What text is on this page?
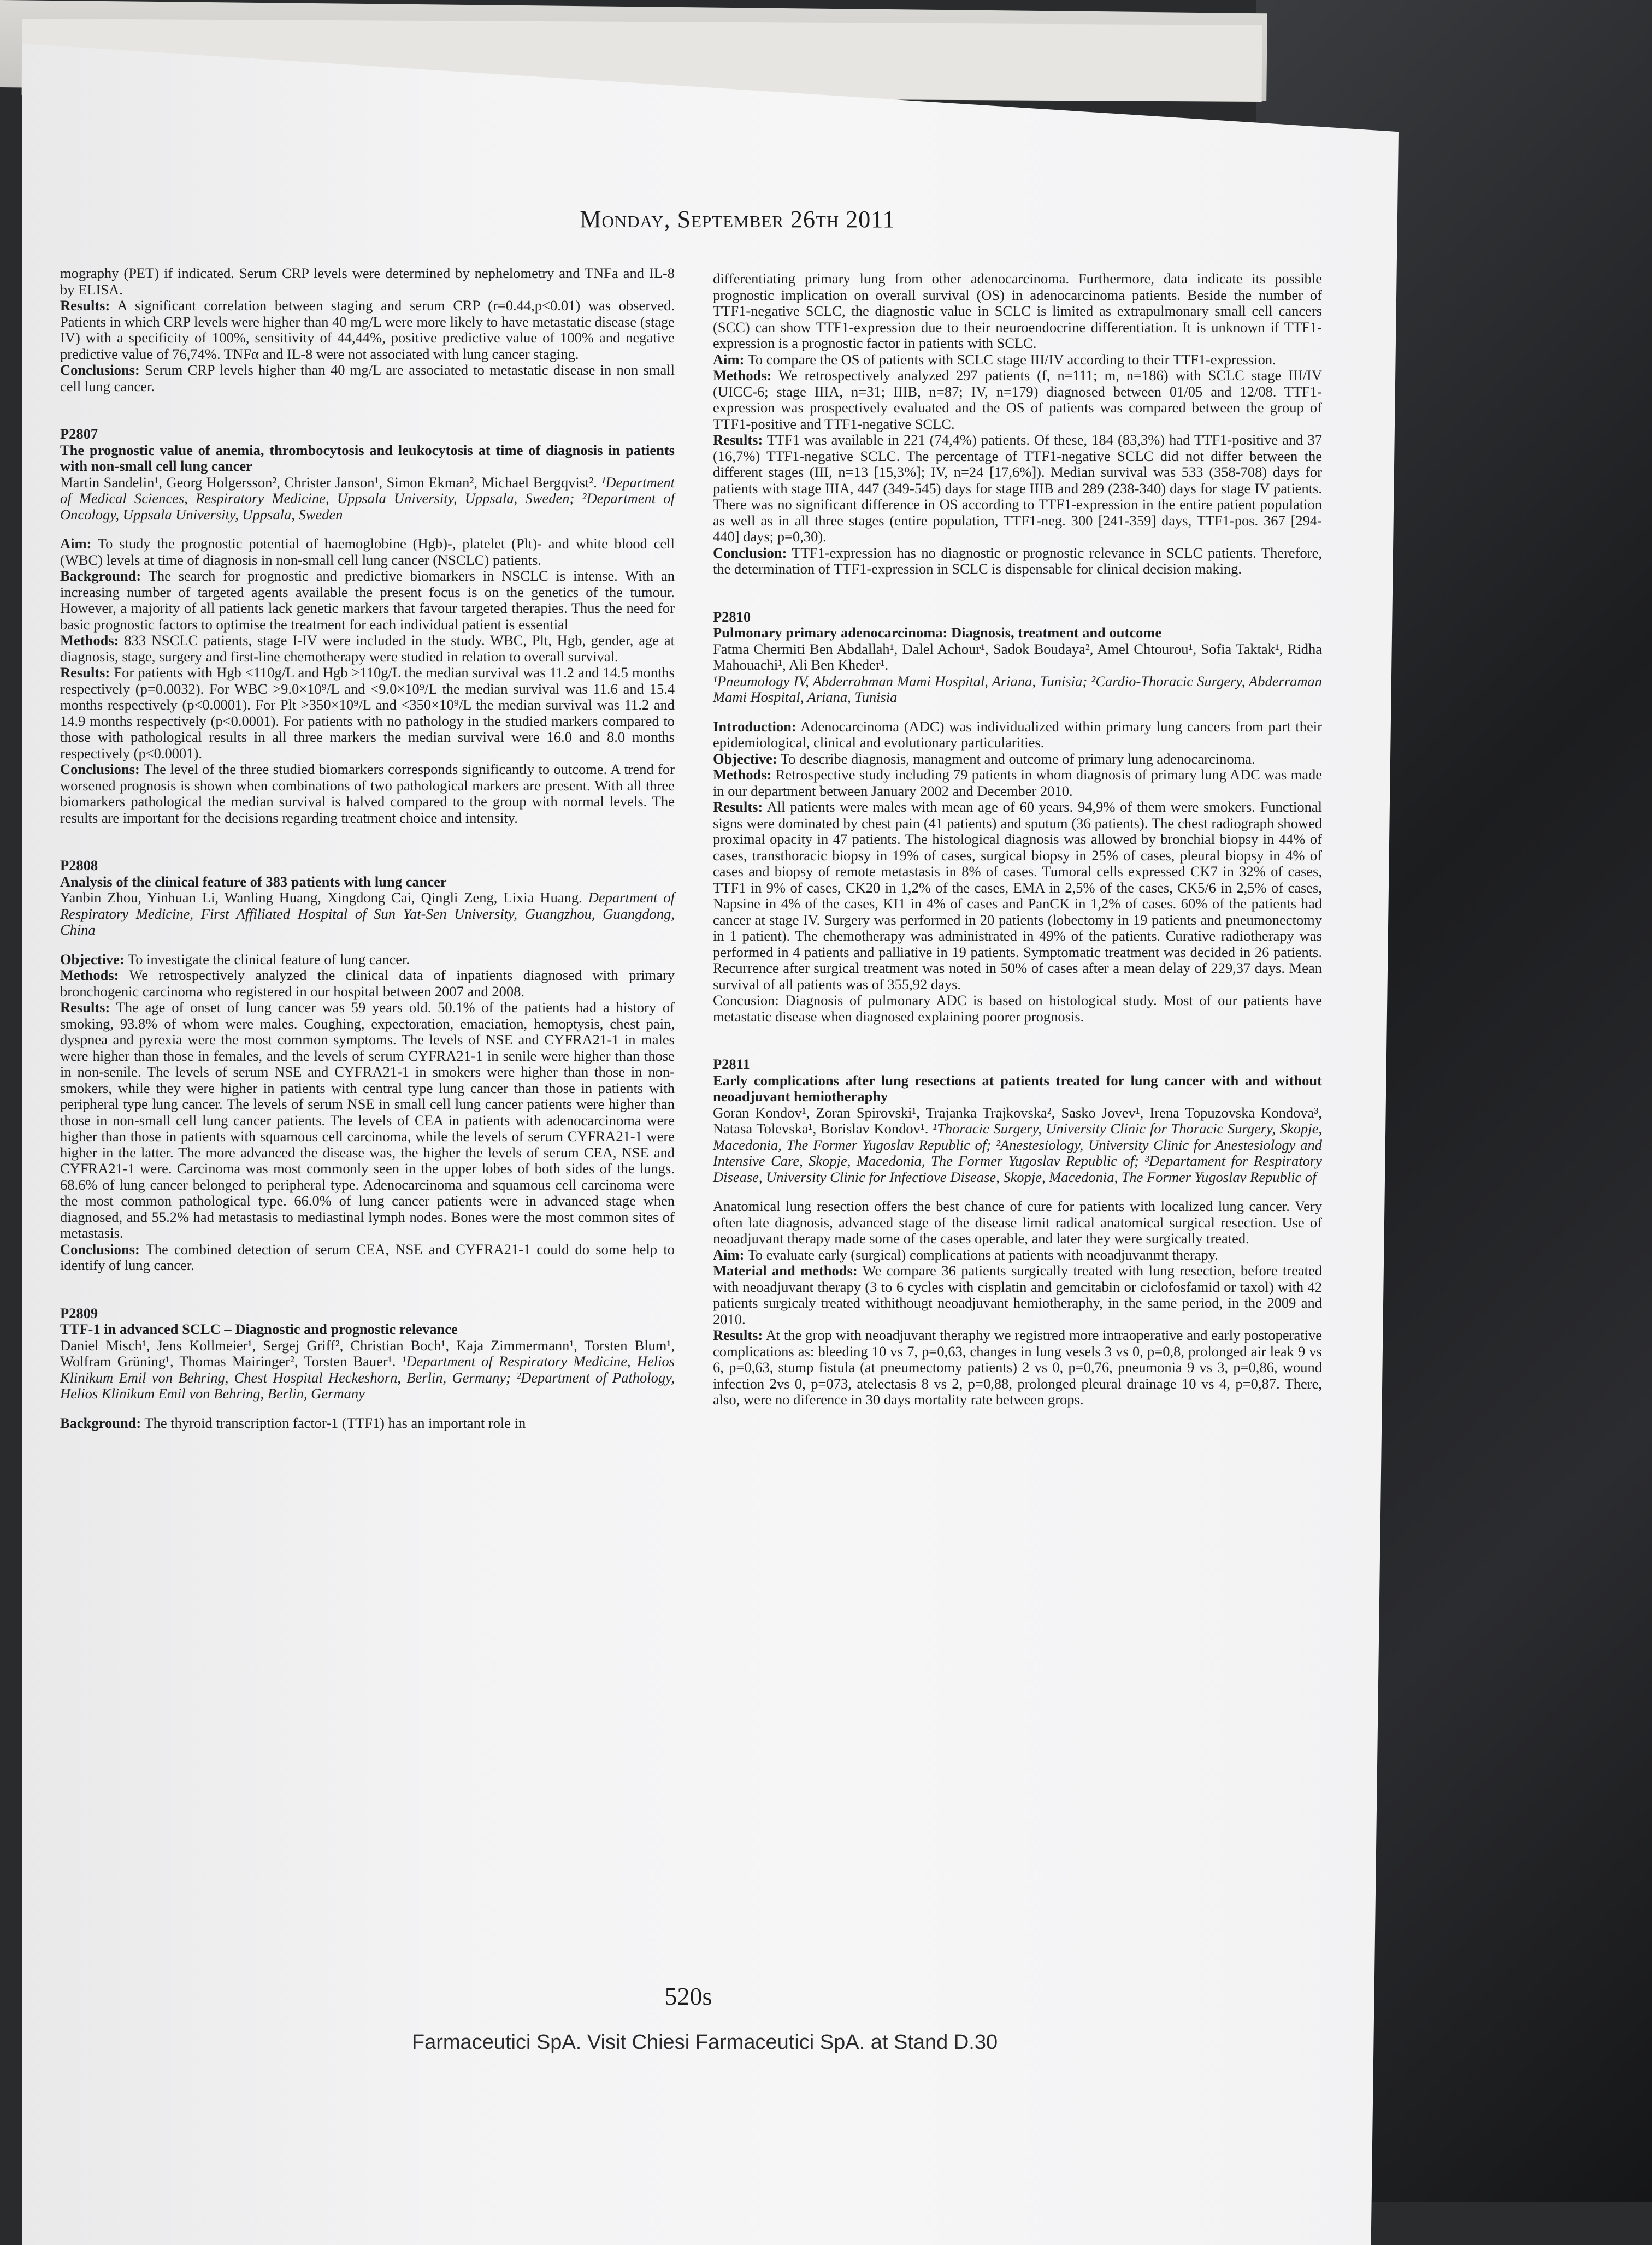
Monday, September 26th 2011

mography (PET) if indicated. Serum CRP levels were determined by nephelometry and TNFa and IL-8 by ELISA.

Results: A significant correlation between staging and serum CRP (r=0.44,p<0.01) was observed. Patients in which CRP levels were higher than 40 mg/L were more likely to have metastatic disease (stage IV) with a specificity of 100%, sensitivity of 44,44%, positive predictive value of 100% and negative predictive value of 76,74%. TNFα and IL-8 were not associated with lung cancer staging.

Conclusions: Serum CRP levels higher than 40 mg/L are associated to metastatic disease in non small cell lung cancer.

P2807

The prognostic value of anemia, thrombocytosis and leukocytosis at time of diagnosis in patients with non-small cell lung cancer

Martin Sandelin¹, Georg Holgersson², Christer Janson¹, Simon Ekman², Michael Bergqvist². ¹Department of Medical Sciences, Respiratory Medicine, Uppsala University, Uppsala, Sweden; ²Department of Oncology, Uppsala University, Uppsala, Sweden

Aim: To study the prognostic potential of haemoglobine (Hgb)-, platelet (Plt)- and white blood cell (WBC) levels at time of diagnosis in non-small cell lung cancer (NSCLC) patients.

Background: The search for prognostic and predictive biomarkers in NSCLC is intense. With an increasing number of targeted agents available the present focus is on the genetics of the tumour. However, a majority of all patients lack genetic markers that favour targeted therapies. Thus the need for basic prognostic factors to optimise the treatment for each individual patient is essential

Methods: 833 NSCLC patients, stage I-IV were included in the study. WBC, Plt, Hgb, gender, age at diagnosis, stage, surgery and first-line chemotherapy were studied in relation to overall survival.

Results: For patients with Hgb <110g/L and Hgb >110g/L the median survival was 11.2 and 14.5 months respectively (p=0.0032). For WBC >9.0×10⁹/L and <9.0×10⁹/L the median survival was 11.6 and 15.4 months respectively (p<0.0001). For Plt >350×10⁹/L and <350×10⁹/L the median survival was 11.2 and 14.9 months respectively (p<0.0001). For patients with no pathology in the studied markers compared to those with pathological results in all three markers the median survival were 16.0 and 8.0 months respectively (p<0.0001).

Conclusions: The level of the three studied biomarkers corresponds significantly to outcome. A trend for worsened prognosis is shown when combinations of two pathological markers are present. With all three biomarkers pathological the median survival is halved compared to the group with normal levels. The results are important for the decisions regarding treatment choice and intensity.

P2808

Analysis of the clinical feature of 383 patients with lung cancer

Yanbin Zhou, Yinhuan Li, Wanling Huang, Xingdong Cai, Qingli Zeng, Lixia Huang. Department of Respiratory Medicine, First Affiliated Hospital of Sun Yat-Sen University, Guangzhou, Guangdong, China

Objective: To investigate the clinical feature of lung cancer.

Methods: We retrospectively analyzed the clinical data of inpatients diagnosed with primary bronchogenic carcinoma who registered in our hospital between 2007 and 2008.

Results: The age of onset of lung cancer was 59 years old. 50.1% of the patients had a history of smoking, 93.8% of whom were males. Coughing, expectoration, emaciation, hemoptysis, chest pain, dyspnea and pyrexia were the most common symptoms. The levels of NSE and CYFRA21-1 in males were higher than those in females, and the levels of serum CYFRA21-1 in senile were higher than those in non-senile. The levels of serum NSE and CYFRA21-1 in smokers were higher than those in non-smokers, while they were higher in patients with central type lung cancer than those in patients with peripheral type lung cancer. The levels of serum NSE in small cell lung cancer patients were higher than those in non-small cell lung cancer patients. The levels of CEA in patients with adenocarcinoma were higher than those in patients with squamous cell carcinoma, while the levels of serum CYFRA21-1 were higher in the latter. The more advanced the disease was, the higher the levels of serum CEA, NSE and CYFRA21-1 were. Carcinoma was most commonly seen in the upper lobes of both sides of the lungs. 68.6% of lung cancer belonged to peripheral type. Adenocarcinoma and squamous cell carcinoma were the most common pathological type. 66.0% of lung cancer patients were in advanced stage when diagnosed, and 55.2% had metastasis to mediastinal lymph nodes. Bones were the most common sites of metastasis.

Conclusions: The combined detection of serum CEA, NSE and CYFRA21-1 could do some help to identify of lung cancer.

P2809

TTF-1 in advanced SCLC – Diagnostic and prognostic relevance

Daniel Misch¹, Jens Kollmeier¹, Sergej Griff², Christian Boch¹, Kaja Zimmermann¹, Torsten Blum¹, Wolfram Grüning¹, Thomas Mairinger², Torsten Bauer¹. ¹Department of Respiratory Medicine, Helios Klinikum Emil von Behring, Chest Hospital Heckeshorn, Berlin, Germany; ²Department of Pathology, Helios Klinikum Emil von Behring, Berlin, Germany

Background: The thyroid transcription factor-1 (TTF1) has an important role in

differentiating primary lung from other adenocarcinoma. Furthermore, data indicate its possible prognostic implication on overall survival (OS) in adenocarcinoma patients. Beside the number of TTF1-negative SCLC, the diagnostic value in SCLC is limited as extrapulmonary small cell cancers (SCC) can show TTF1-expression due to their neuroendocrine differentiation. It is unknown if TTF1-expression is a prognostic factor in patients with SCLC.

Aim: To compare the OS of patients with SCLC stage III/IV according to their TTF1-expression.

Methods: We retrospectively analyzed 297 patients (f, n=111; m, n=186) with SCLC stage III/IV (UICC-6; stage IIIA, n=31; IIIB, n=87; IV, n=179) diagnosed between 01/05 and 12/08. TTF1-expression was prospectively evaluated and the OS of patients was compared between the group of TTF1-positive and TTF1-negative SCLC.

Results: TTF1 was available in 221 (74,4%) patients. Of these, 184 (83,3%) had TTF1-positive and 37 (16,7%) TTF1-negative SCLC. The percentage of TTF1-negative SCLC did not differ between the different stages (III, n=13 [15,3%]; IV, n=24 [17,6%]). Median survival was 533 (358-708) days for patients with stage IIIA, 447 (349-545) days for stage IIIB and 289 (238-340) days for stage IV patients. There was no significant difference in OS according to TTF1-expression in the entire patient population as well as in all three stages (entire population, TTF1-neg. 300 [241-359] days, TTF1-pos. 367 [294-440] days; p=0,30).

Conclusion: TTF1-expression has no diagnostic or prognostic relevance in SCLC patients. Therefore, the determination of TTF1-expression in SCLC is dispensable for clinical decision making.

P2810

Pulmonary primary adenocarcinoma: Diagnosis, treatment and outcome

Fatma Chermiti Ben Abdallah¹, Dalel Achour¹, Sadok Boudaya², Amel Chtourou¹, Sofia Taktak¹, Ridha Mahouachi¹, Ali Ben Kheder¹.

¹Pneumology IV, Abderrahman Mami Hospital, Ariana, Tunisia; ²Cardio-Thoracic Surgery, Abderraman Mami Hospital, Ariana, Tunisia

Introduction: Adenocarcinoma (ADC) was individualized within primary lung cancers from part their epidemiological, clinical and evolutionary particularities.

Objective: To describe diagnosis, managment and outcome of primary lung adenocarcinoma.

Methods: Retrospective study including 79 patients in whom diagnosis of primary lung ADC was made in our department between January 2002 and December 2010.

Results: All patients were males with mean age of 60 years. 94,9% of them were smokers. Functional signs were dominated by chest pain (41 patients) and sputum (36 patients). The chest radiograph showed proximal opacity in 47 patients. The histological diagnosis was allowed by bronchial biopsy in 44% of cases, transthoracic biopsy in 19% of cases, surgical biopsy in 25% of cases, pleural biopsy in 4% of cases and biopsy of remote metastasis in 8% of cases. Tumoral cells expressed CK7 in 32% of cases, TTF1 in 9% of cases, CK20 in 1,2% of the cases, EMA in 2,5% of the cases, CK5/6 in 2,5% of cases, Napsine in 4% of the cases, KI1 in 4% of cases and PanCK in 1,2% of cases. 60% of the patients had cancer at stage IV. Surgery was performed in 20 patients (lobectomy in 19 patients and pneumonectomy in 1 patient). The chemotherapy was administrated in 49% of the patients. Curative radiotherapy was performed in 4 patients and palliative in 19 patients. Symptomatic treatment was decided in 26 patients. Recurrence after surgical treatment was noted in 50% of cases after a mean delay of 229,37 days. Mean survival of all patients was of 355,92 days.

Concusion: Diagnosis of pulmonary ADC is based on histological study. Most of our patients have metastatic disease when diagnosed explaining poorer prognosis.

P2811

Early complications after lung resections at patients treated for lung cancer with and without neoadjuvant hemiotheraphy

Goran Kondov¹, Zoran Spirovski¹, Trajanka Trajkovska², Sasko Jovev¹, Irena Topuzovska Kondova³, Natasa Tolevska¹, Borislav Kondov¹. ¹Thoracic Surgery, University Clinic for Thoracic Surgery, Skopje, Macedonia, The Former Yugoslav Republic of; ²Anestesiology, University Clinic for Anestesiology and Intensive Care, Skopje, Macedonia, The Former Yugoslav Republic of; ³Departament for Respiratory Disease, University Clinic for Infectiove Disease, Skopje, Macedonia, The Former Yugoslav Republic of

Anatomical lung resection offers the best chance of cure for patients with localized lung cancer. Very often late diagnosis, advanced stage of the disease limit radical anatomical surgical resection. Use of neoadjuvant therapy made some of the cases operable, and later they were surgically treated.

Aim: To evaluate early (surgical) complications at patients with neoadjuvanmt therapy.

Material and methods: We compare 36 patients surgically treated with lung resection, before treated with neoadjuvant therapy (3 to 6 cycles with cisplatin and gemcitabin or ciclofosfamid or taxol) with 42 patients surgicaly treated withithougt neoadjuvant hemiotheraphy, in the same period, in the 2009 and 2010.

Results: At the grop with neoadjuvant theraphy we registred more intraoperative and early postoperative complications as: bleeding 10 vs 7, p=0,63, changes in lung vesels 3 vs 0, p=0,8, prolonged air leak 9 vs 6, p=0,63, stump fistula (at pneumectomy patients) 2 vs 0, p=0,76, pneumonia 9 vs 3, p=0,86, wound infection 2vs 0, p=073, atelectasis 8 vs 2, p=0,88, prolonged pleural drainage 10 vs 4, p=0,87. There, also, were no diference in 30 days mortality rate between grops.

520s
Farmaceutici SpA. Visit Chiesi Farmaceutici SpA. at Stand D.30
